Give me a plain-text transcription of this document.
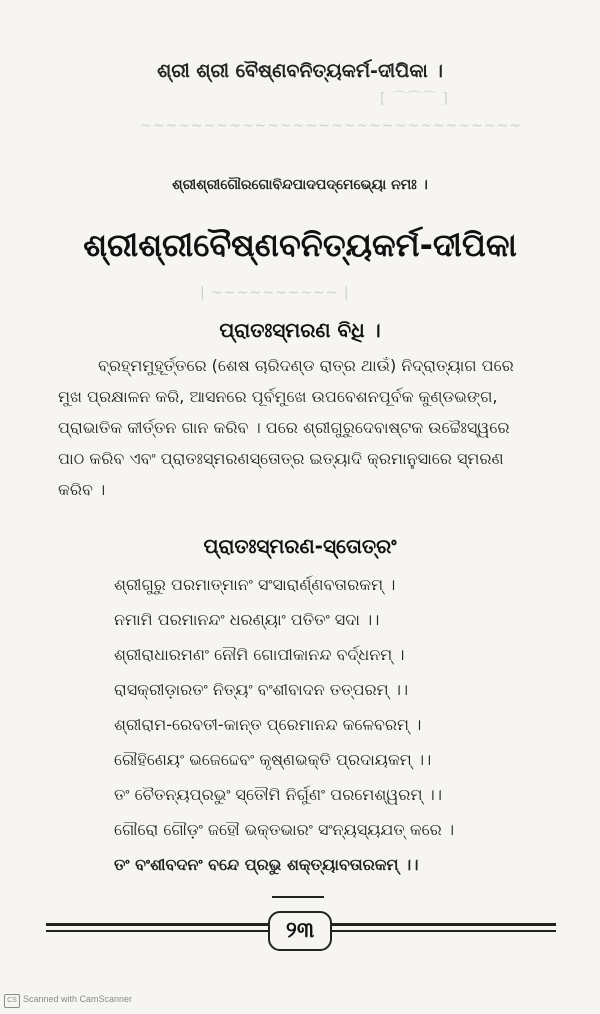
[ ⌒⌒⌒ ]
~~~~~~~~~~~~~~~~~~~~~~~~~~~~~~
| ~~~~~~~~~~ |
ଶ୍ରୀ ଶ୍ରୀ ବୈଷ୍ଣବନିତ୍ୟକର୍ମ-ଦୀପିକା ।
ଶ୍ରୀଶ୍ରୀଗୌରଗୋବିନ୍ଦପାଦପଦ୍ମେଭ୍ୟୋ ନମଃ ।
ଶ୍ରୀଶ୍ରୀବୈଷ୍ଣବନିତ୍ୟକର୍ମ-ଦୀପିକା
ପ୍ରାତଃସ୍ମରଣ ବିଧି ।
ବ୍ରହ୍ମମୁହୂର୍ତ୍ତରେ (ଶେଷ ଚାରିଦଣ୍ଡ ରାତ୍ର ଥାଉଁ) ନିଦ୍ରାତ୍ୟାଗ ପରେ
ମୁଖ ପ୍ରକ୍ଷାଳନ କରି, ଆସନରେ ପୂର୍ବମୁଖେ ଉପବେଶନପୂର୍ବକ କୁଣ୍ଡଭଙ୍ଗ,
ପ୍ରାଭାତିକ କୀର୍ତ୍ତନ ଗାନ କରିବ । ପରେ ଶ୍ରୀଗୁରୁଦେବାଷ୍ଟକ ଉଚ୍ଚୈଃସ୍ୱରେ
ପାଠ କରିବ ଏବଂ ପ୍ରାତଃସ୍ମରଣସ୍ତୋତ୍ର ଇତ୍ୟାଦି କ୍ରମାନୁସାରେ ସ୍ମରଣ
କରିବ ।
ପ୍ରାତଃସ୍ମରଣ-ସ୍ତୋତ୍ରଂ
ଶ୍ରୀଗୁରୁ ପରମାତ୍ମାନଂ ସଂସାରାର୍ଣ୍ଣବତାରକମ୍ ।
ନମାମି ପରମାନନ୍ଦଂ ଧରଣ୍ୟାଂ ପତିତଂ ସଦା ।।
ଶ୍ରୀରାଧାରମଣଂ ନୌମି ଗୋପୀକାନନ୍ଦ ବର୍ଦ୍ଧନମ୍ ।
ରାସକ୍ରୀଡ଼ାରତଂ ନିତ୍ୟଂ ବଂଶୀବାଦନ ତତ୍ପରମ୍ ।।
ଶ୍ରୀରାମ-ରେବତୀ-କାନ୍ତ ପ୍ରେମାନନ୍ଦ କଳେବରମ୍ ।
ରୌହିଣେୟଂ ଭଜେଦ୍ଦେବଂ କୃଷ୍ଣଭକ୍ତି ପ୍ରଦାୟକମ୍ ।।
ତଂ ଚୈତନ୍ୟପ୍ରଭୁଂ ସ୍ତୌମି ନିର୍ଗୁଣଂ ପରମେଶ୍ୱରମ୍ ।।
ଗୌରୋ ଗୌଡ଼ଂ ଜହୌ ଭକ୍ତଭାରଂ ସଂନ୍ୟସ୍ୟଯତ୍ କରେ ।
ତଂ ବଂଶୀବଦନଂ ବନ୍ଦେ ପ୍ରଭୁ ଶକ୍ତ୍ୟାବତାରକମ୍ ।।
୨୩
CS Scanned with CamScanner
